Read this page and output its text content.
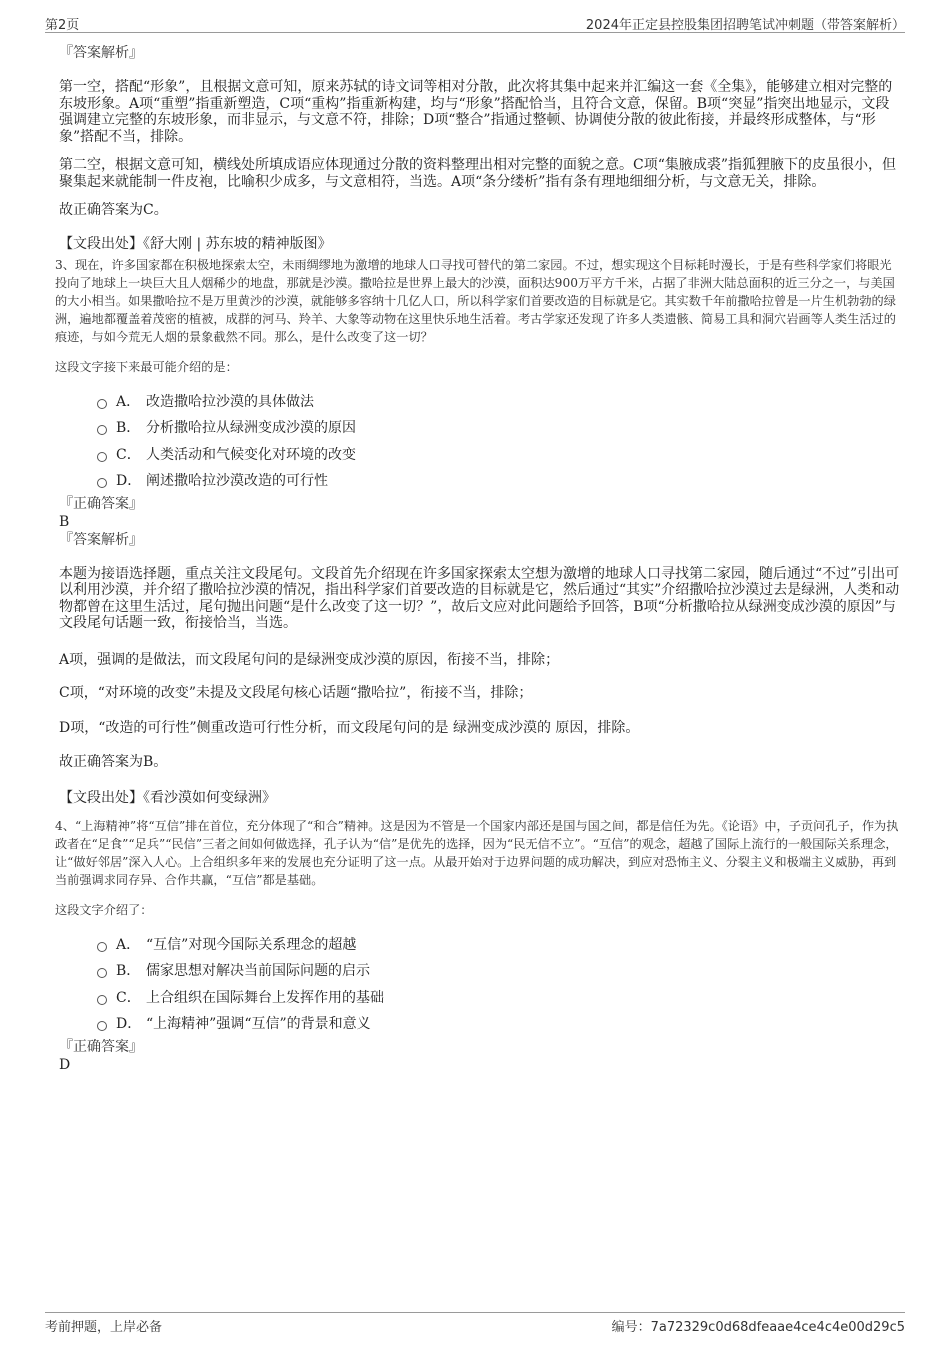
第2页	2024年正定县控股集团招聘笔试冲刺题（带答案解析）
『答案解析』

第一空，搭配“形象”，且根据文意可知，原来苏轼的诗文词等相对分散，此次将其集中起来并汇编这一套《全集》，能够建立相对完整的东坡形象。A项“重塑”指重新塑造，C项“重构”指重新构建，均与“形象”搭配恰当，且符合文意，保留。B项“突显”指突出地显示，文段强调建立完整的东坡形象，而非显示，与文意不符，排除；D项“整合”指通过整顿、协调使分散的彼此衔接，并最终形成整体，与“形象”搭配不当，排除。

第二空，根据文意可知，横线处所填成语应体现通过分散的资料整理出相对完整的面貌之意。C项“集腋成裘”指狐狸腋下的皮虽很小，但聚集起来就能制一件皮袍，比喻积少成多，与文意相符，当选。A项“条分缕析”指有条有理地细细分析，与文意无关，排除。

故正确答案为C。

【文段出处】《舒大刚 | 苏东坡的精神版图》
3、现在，许多国家都在积极地探索太空，未雨绸缪地为激增的地球人口寻找可替代的第二家园。不过，想实现这个目标耗时漫长，于是有些科学家们将眼光投向了地球上一块巨大且人烟稀少的地盘，那就是沙漠。撒哈拉是世界上最大的沙漠，面积达900万平方千米，占据了非洲大陆总面积的近三分之一，与美国的大小相当。如果撒哈拉不是万里黄沙的沙漠，就能够多容纳十几亿人口，所以科学家们首要改造的目标就是它。其实数千年前撒哈拉曾是一片生机勃勃的绿洲，遍地都覆盖着茂密的植被，成群的河马、羚羊、大象等动物在这里快乐地生活着。考古学家还发现了许多人类遗骸、简易工具和洞穴岩画等人类生活过的痕迹，与如今荒无人烟的景象截然不同。那么，是什么改变了这一切？
这段文字接下来最可能介绍的是：
A． 改造撒哈拉沙漠的具体做法
B． 分析撒哈拉从绿洲变成沙漠的原因
C． 人类活动和气候变化对环境的改变
D． 阐述撒哈拉沙漠改造的可行性
『正确答案』
B
『答案解析』

本题为接语选择题，重点关注文段尾句。文段首先介绍现在许多国家探索太空想为激增的地球人口寻找第二家园，随后通过“不过”引出可以利用沙漠，并介绍了撒哈拉沙漠的情况，指出科学家们首要改造的目标就是它，然后通过“其实”介绍撒哈拉沙漠过去是绿洲，人类和动物都曾在这里生活过，尾句抛出问题“是什么改变了这一切？”，故后文应对此问题给予回答，B项“分析撒哈拉从绿洲变成沙漠的原因”与文段尾句话题一致，衔接恰当，当选。

A项，强调的是做法，而文段尾句问的是绿洲变成沙漠的原因，衔接不当，排除；

C项，“对环境的改变”未提及文段尾句核心话题“撒哈拉”，衔接不当，排除；

D项，“改造的可行性”侧重改造可行性分析，而文段尾句问的是 绿洲变成沙漠的 原因，排除。

故正确答案为B。

【文段出处】《看沙漠如何变绿洲》
4、“上海精神”将“互信”排在首位，充分体现了“和合”精神。这是因为不管是一个国家内部还是国与国之间，都是信任为先。《论语》中，子贡问孔子，作为执政者在“足食”“足兵”“民信”三者之间如何做选择，孔子认为“信”是优先的选择，因为“民无信不立”。“互信”的观念，超越了国际上流行的一般国际关系理念，让“做好邻居”深入人心。上合组织多年来的发展也充分证明了这一点。从最开始对于边界问题的成功解决，到应对恐怖主义、分裂主义和极端主义威胁，再到当前强调求同存异、合作共赢，“互信”都是基础。
这段文字介绍了：
A． “互信”对现今国际关系理念的超越
B． 儒家思想对解决当前国际问题的启示
C． 上合组织在国际舞台上发挥作用的基础
D． “上海精神”强调“互信”的背景和意义
『正确答案』
D
考前押题，上岸必备	编号：7a72329c0d68dfeaae4ce4c4e00d29c5
